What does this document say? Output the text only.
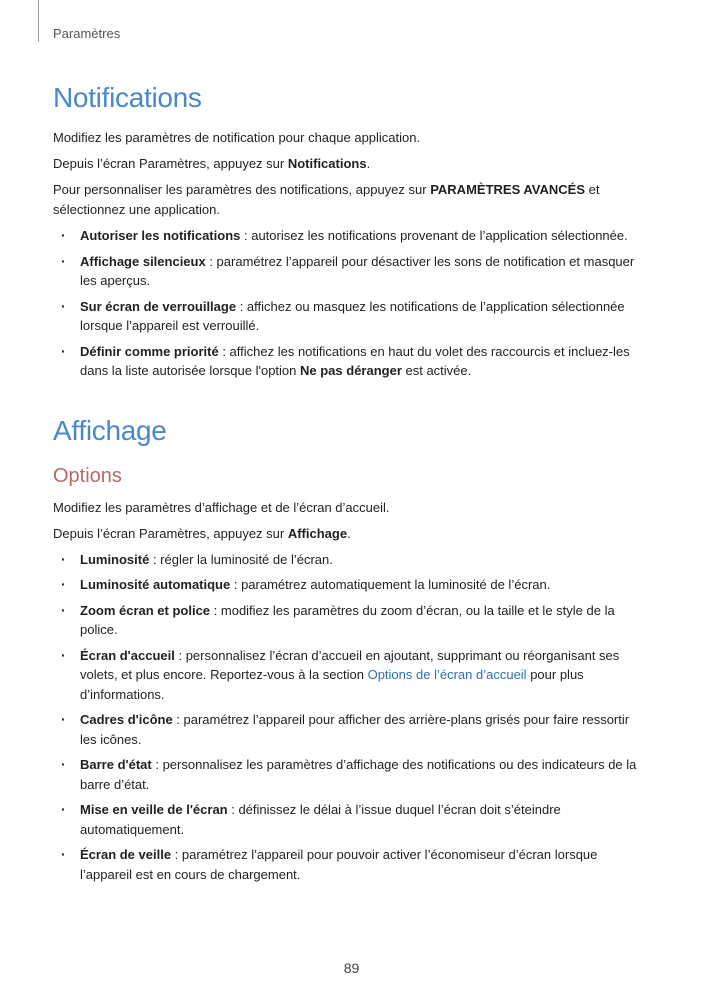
Paramètres
Notifications

Modifiez les paramètres de notification pour chaque application.

Depuis l’écran Paramètres, appuyez sur Notifications.

Pour personnaliser les paramètres des notifications, appuyez sur PARAMÈTRES AVANCÉS et sélectionnez une application.

· Autoriser les notifications : autorisez les notifications provenant de l’application sélectionnée.
· Affichage silencieux : paramétrez l’appareil pour désactiver les sons de notification et masquer les aperçus.
· Sur écran de verrouillage : affichez ou masquez les notifications de l’application sélectionnée lorsque l’appareil est verrouillé.
· Définir comme priorité : affichez les notifications en haut du volet des raccourcis et incluez-les dans la liste autorisée lorsque l'option Ne pas déranger est activée.
Affichage
Options

Modifiez les paramètres d’affichage et de l’écran d’accueil.

Depuis l’écran Paramètres, appuyez sur Affichage.

· Luminosité : régler la luminosité de l’écran.
· Luminosité automatique : paramétrez automatiquement la luminosité de l’écran.
· Zoom écran et police : modifiez les paramètres du zoom d’écran, ou la taille et le style de la police.
· Écran d'accueil : personnalisez l’écran d’accueil en ajoutant, supprimant ou réorganisant ses volets, et plus encore. Reportez-vous à la section Options de l’écran d’accueil pour plus d’informations.
· Cadres d'icône : paramétrez l’appareil pour afficher des arrière-plans grisés pour faire ressortir les icônes.
· Barre d'état : personnalisez les paramètres d’affichage des notifications ou des indicateurs de la barre d’état.
· Mise en veille de l'écran : définissez le délai à l’issue duquel l’écran doit s’éteindre automatiquement.
· Écran de veille : paramétrez l’appareil pour pouvoir activer l’économiseur d’écran lorsque l’appareil est en cours de chargement.
89
